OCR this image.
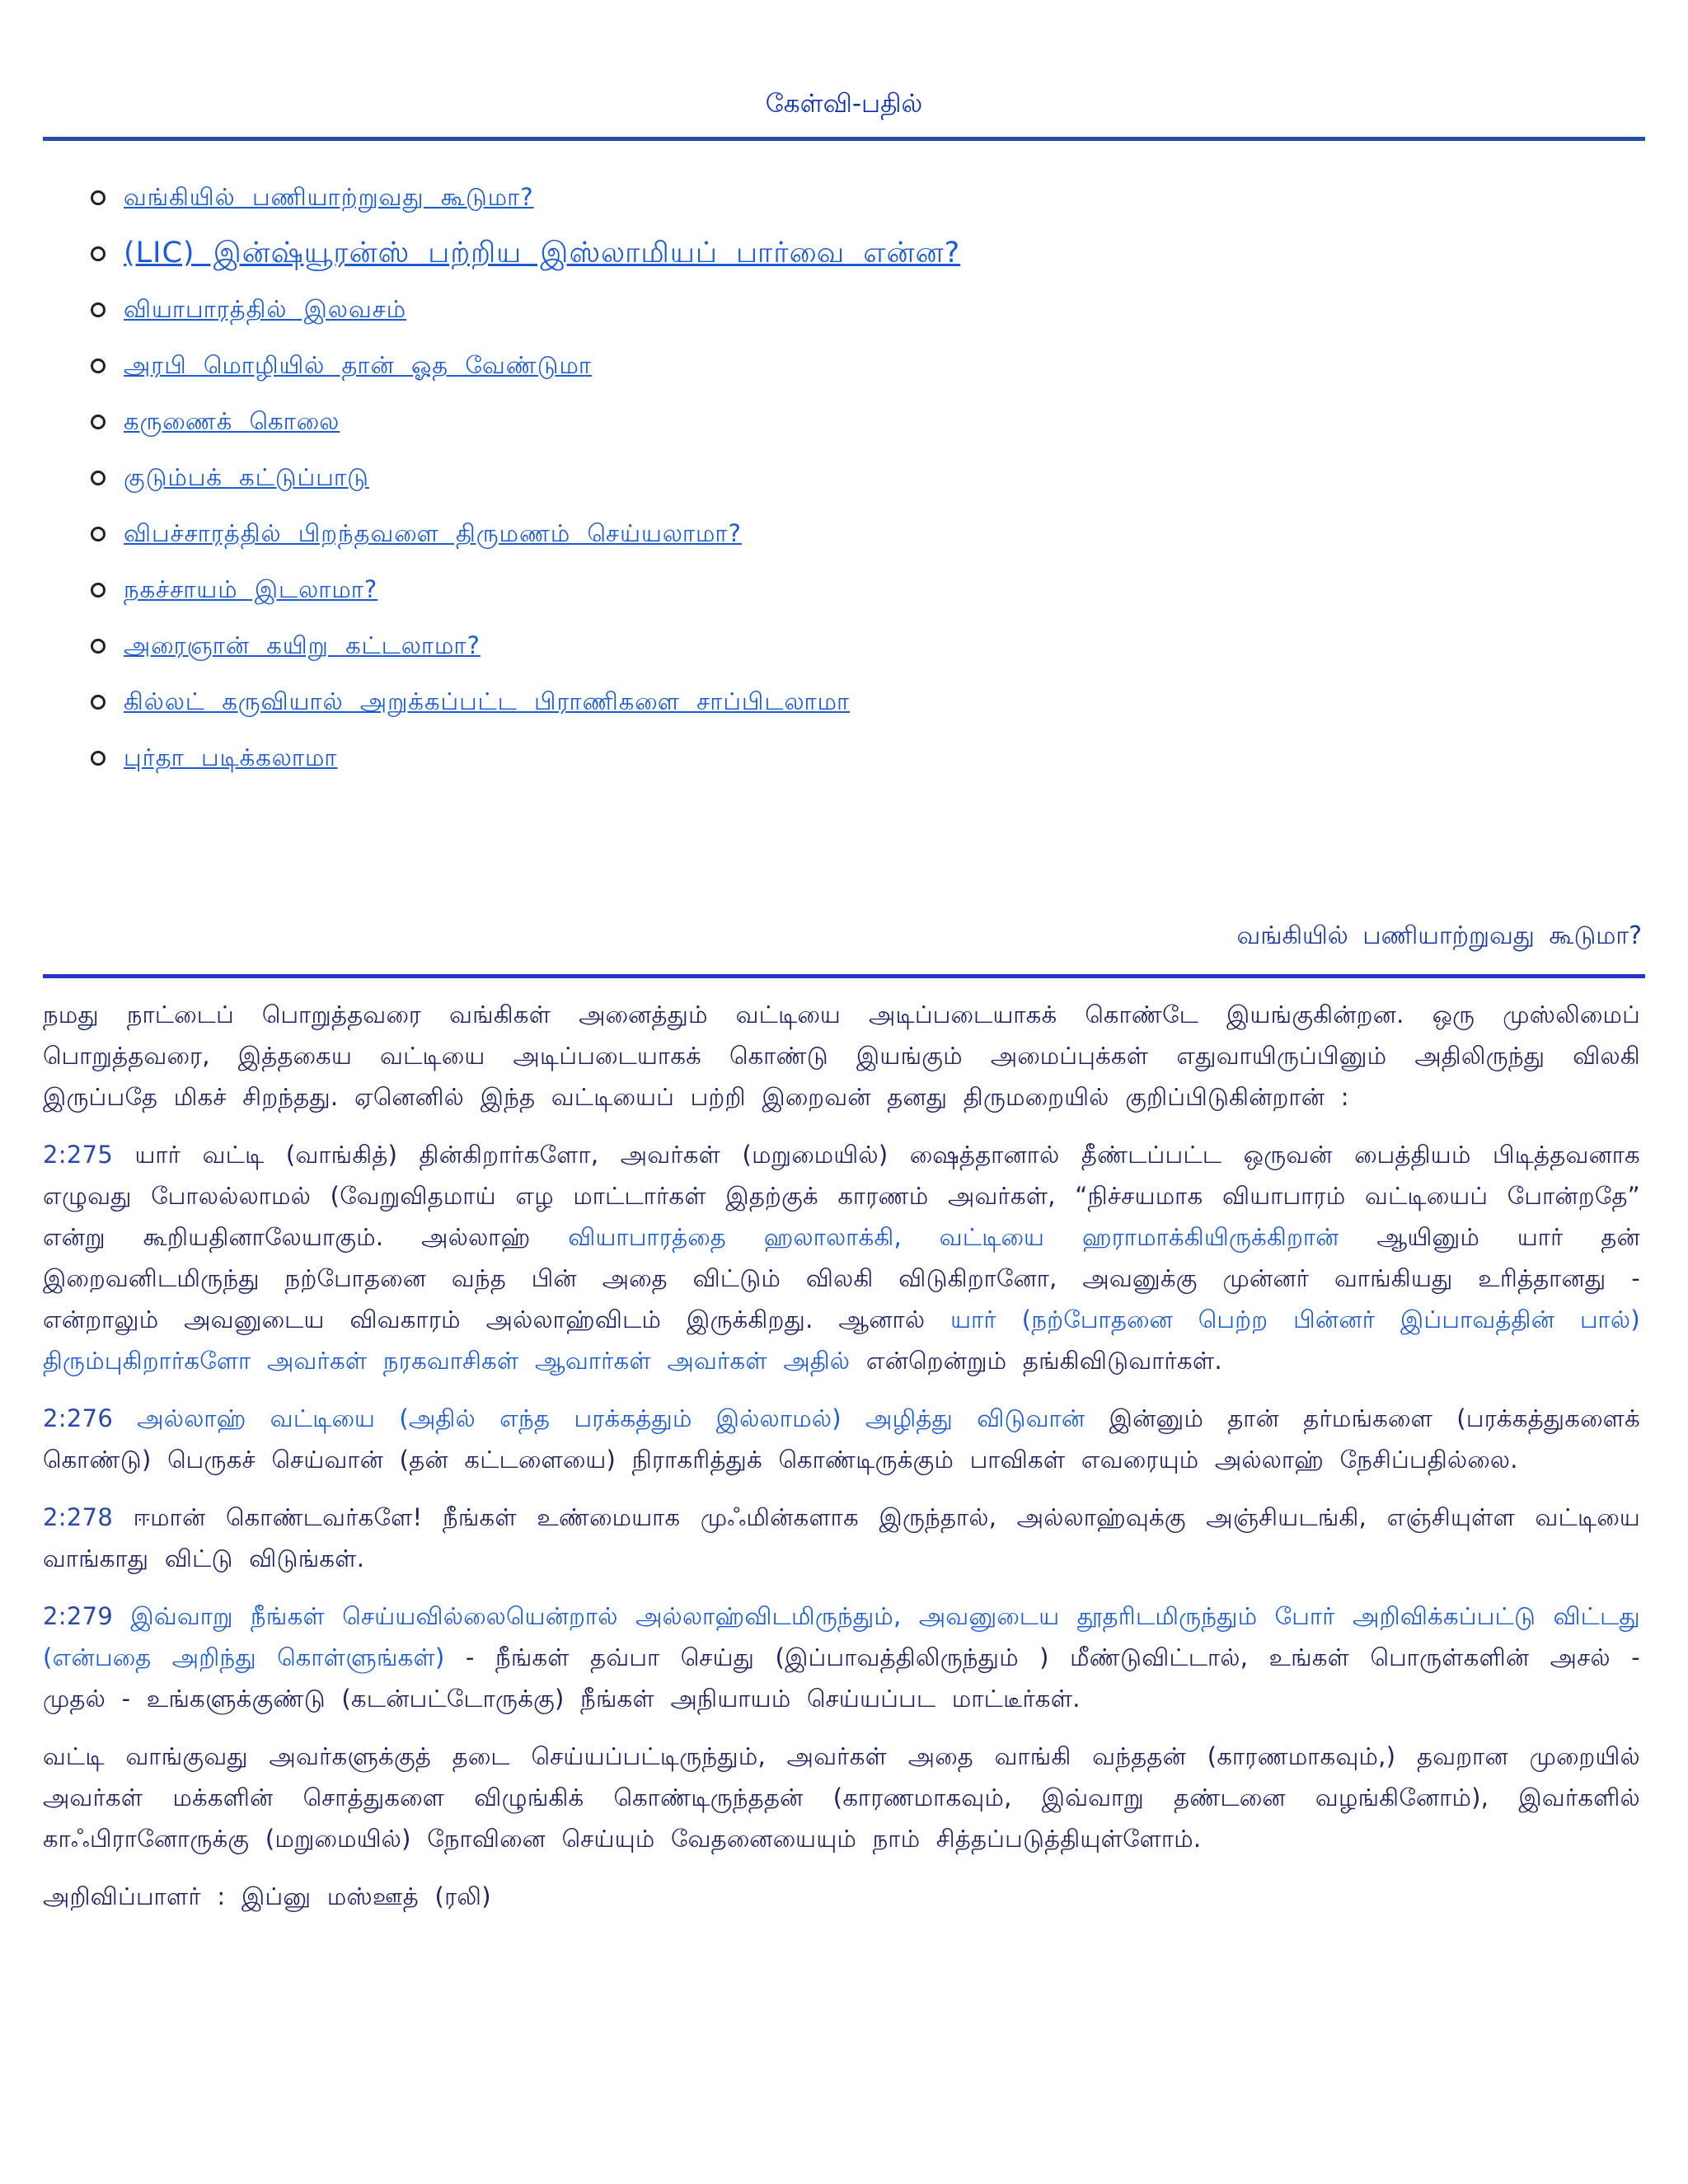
கேள்வி-பதில்
வங்கியில் பணியாற்றுவது கூடுமா?
(LIC) இன்ஷ்யூரன்ஸ் பற்றிய இஸ்லாமியப் பார்வை என்ன?
வியாபாரத்தில் இலவசம்
அரபி மொழியில் தான் ஓத வேண்டுமா
கருணைக் கொலை
குடும்பக் கட்டுப்பாடு
விபச்சாரத்தில் பிறந்தவளை திருமணம் செய்யலாமா?
நகச்சாயம் இடலாமா?
அரைஞான் கயிறு கட்டலாமா?
கில்லட் கருவியால் அறுக்கப்பட்ட பிராணிகளை சாப்பிடலாமா
புர்தா படிக்கலாமா
வங்கியில் பணியாற்றுவது கூடுமா?

நமது நாட்டைப் பொறுத்தவரை வங்கிகள் அனைத்தும் வட்டியை அடிப்படையாகக் கொண்டே இயங்குகின்றன. ஒரு முஸ்லிமைப் பொறுத்தவரை, இத்தகைய வட்டியை அடிப்படையாகக் கொண்டு இயங்கும் அமைப்புக்கள் எதுவாயிருப்பினும் அதிலிருந்து விலகி இருப்பதே மிகச் சிறந்தது. ஏனெனில் இந்த வட்டியைப் பற்றி இறைவன் தனது திருமறையில் குறிப்பிடுகின்றான் :

2:275 யார் வட்டி (வாங்கித்) தின்கிறார்களோ, அவர்கள் (மறுமையில்) ஷைத்தானால் தீண்டப்பட்ட ஒருவன் பைத்தியம் பிடித்தவனாக எழுவது போலல்லாமல் (வேறுவிதமாய் எழ மாட்டார்கள் இதற்குக் காரணம் அவர்கள், “நிச்சயமாக வியாபாரம் வட்டியைப் போன்றதே” என்று கூறியதினாலேயாகும். அல்லாஹ் வியாபாரத்தை ஹலாலாக்கி, வட்டியை ஹராமாக்கியிருக்கிறான் ஆயினும் யார் தன் இறைவனிடமிருந்து நற்போதனை வந்த பின் அதை விட்டும் விலகி விடுகிறானோ, அவனுக்கு முன்னர் வாங்கியது உரித்தானது - என்றாலும் அவனுடைய விவகாரம் அல்லாஹ்விடம் இருக்கிறது. ஆனால் யார் (நற்போதனை பெற்ற பின்னர் இப்பாவத்தின் பால்) திரும்புகிறார்களோ அவர்கள் நரகவாசிகள் ஆவார்கள் அவர்கள் அதில் என்றென்றும் தங்கிவிடுவார்கள்.

2:276 அல்லாஹ் வட்டியை (அதில் எந்த பரக்கத்தும் இல்லாமல்) அழித்து விடுவான் இன்னும் தான் தர்மங்களை (பரக்கத்துகளைக் கொண்டு) பெருகச் செய்வான் (தன் கட்டளையை) நிராகரித்துக் கொண்டிருக்கும் பாவிகள் எவரையும் அல்லாஹ் நேசிப்பதில்லை.

2:278 ஈமான் கொண்டவர்களே! நீங்கள் உண்மையாக முஃமின்களாக இருந்தால், அல்லாஹ்வுக்கு அஞ்சியடங்கி, எஞ்சியுள்ள வட்டியை வாங்காது விட்டு விடுங்கள்.

2:279 இவ்வாறு நீங்கள் செய்யவில்லையென்றால் அல்லாஹ்விடமிருந்தும், அவனுடைய தூதரிடமிருந்தும் போர் அறிவிக்கப்பட்டு விட்டது (என்பதை அறிந்து கொள்ளுங்கள்) - நீங்கள் தவ்பா செய்து (இப்பாவத்திலிருந்தும் ) மீண்டுவிட்டால், உங்கள் பொருள்களின் அசல் - முதல் - உங்களுக்குண்டு (கடன்பட்டோருக்கு) நீங்கள் அநியாயம் செய்யப்பட மாட்டீர்கள்.

வட்டி வாங்குவது அவர்களுக்குத் தடை செய்யப்பட்டிருந்தும், அவர்கள் அதை வாங்கி வந்ததன் (காரணமாகவும்,) தவறான முறையில் அவர்கள் மக்களின் சொத்துகளை விழுங்கிக் கொண்டிருந்ததன் (காரணமாகவும், இவ்வாறு தண்டனை வழங்கினோம்), இவர்களில் காஃபிரானோருக்கு (மறுமையில்) நோவினை செய்யும் வேதனையையும் நாம் சித்தப்படுத்தியுள்ளோம்.

அறிவிப்பாளர் : இப்னு மஸ்ஊத் (ரலி)
